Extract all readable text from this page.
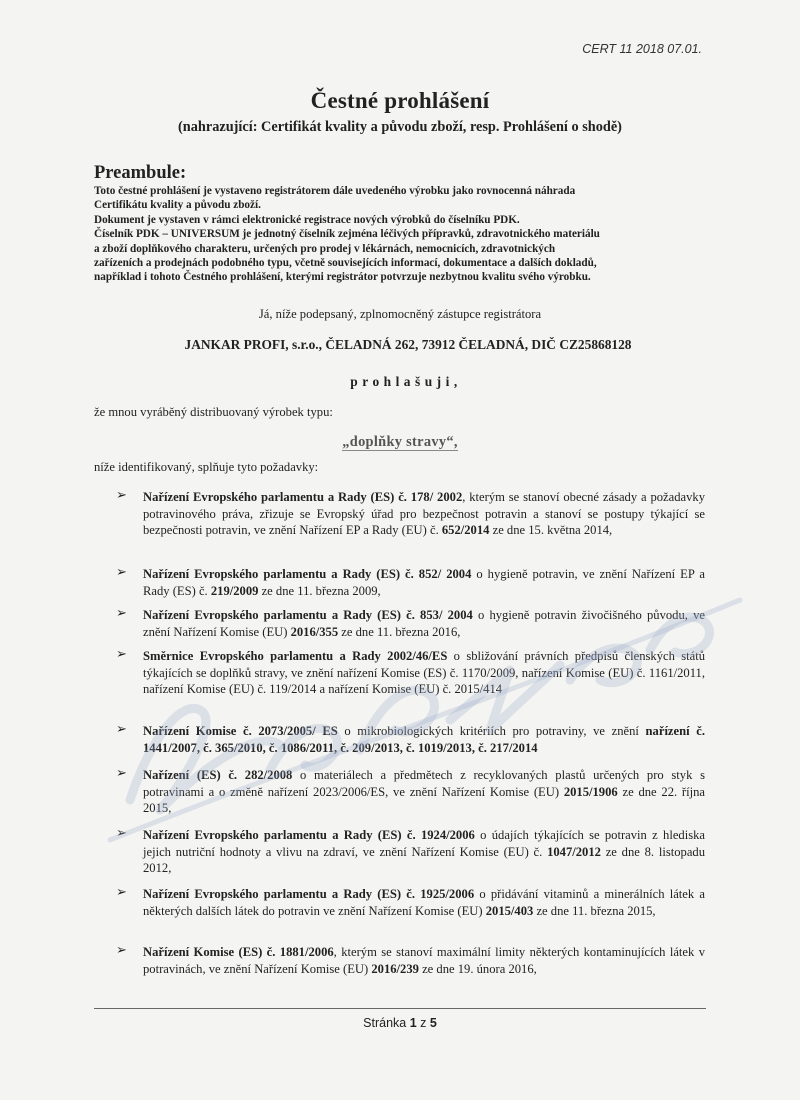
CERT 11 2018 07.01.
Čestné prohlášení
(nahrazující: Certifikát kvality a původu zboží, resp. Prohlášení o shodě)
Preambule:
Toto čestné prohlášení je vystaveno registrátorem dále uvedeného výrobku jako rovnocenná náhrada
Certifikátu kvality a původu zboží.
Dokument je vystaven v rámci elektronické registrace nových výrobků do číselníku PDK.
Číselník PDK – UNIVERSUM je jednotný číselník zejména léčivých přípravků, zdravotnického materiálu
a zboží doplňkového charakteru, určených pro prodej v lékárnách, nemocnicích, zdravotnických
zařízeních a prodejnách podobného typu, včetně souvisejících informací, dokumentace a dalších dokladů,
například i tohoto Čestného prohlášení, kterými registrátor potvrzuje nezbytnou kvalitu svého výrobku.
Já, níže podepsaný, zplnomocněný zástupce registrátora
JANKAR PROFI, s.r.o., ČELADNÁ 262, 73912 ČELADNÁ, DIČ CZ25868128
prohlašuji,
že mnou vyráběný distribuovaný výrobek typu:
„doplňky stravy“,
níže identifikovaný, splňuje tyto požadavky:
➢ Nařízení Evropského parlamentu a Rady (ES) č. 178/ 2002, kterým se stanoví obecné zásady a požadavky potravinového práva, zřizuje se Evropský úřad pro bezpečnost potravin a stanoví se postupy týkající se bezpečnosti potravin, ve znění Nařízení EP a Rady (EU) č. 652/2014 ze dne 15. května 2014,
➢ Nařízení Evropského parlamentu a Rady (ES) č. 852/ 2004 o hygieně potravin, ve znění Nařízení EP a Rady (ES) č. 219/2009 ze dne 11. března 2009,
➢ Nařízení Evropského parlamentu a Rady (ES) č. 853/ 2004 o hygieně potravin živočišného původu, ve znění Nařízení Komise (EU) 2016/355 ze dne 11. března 2016,
➢ Směrnice Evropského parlamentu a Rady 2002/46/ES o sbližování právních předpisů členských států týkajících se doplňků stravy, ve znění nařízení Komise (ES) č. 1170/2009, nařízení Komise (EU) č. 1161/2011, nařízení Komise (EU) č. 119/2014 a nařízení Komise (EU) č. 2015/414
➢ Nařízení Komise č. 2073/2005/ ES o mikrobiologických kritériích pro potraviny, ve znění nařízení č. 1441/2007, č. 365/2010, č. 1086/2011, č. 209/2013, č. 1019/2013, č. 217/2014
➢ Nařízení (ES) č. 282/2008 o materiálech a předmětech z recyklovaných plastů určených pro styk s potravinami a o změně nařízení 2023/2006/ES, ve znění Nařízení Komise (EU) 2015/1906 ze dne 22. října 2015,
➢ Nařízení Evropského parlamentu a Rady (ES) č. 1924/2006 o údajích týkajících se potravin z hlediska jejich nutriční hodnoty a vlivu na zdraví, ve znění Nařízení Komise (EU) č. 1047/2012 ze dne 8. listopadu 2012,
➢ Nařízení Evropského parlamentu a Rady (ES) č. 1925/2006 o přidávání vitaminů a minerálních látek a některých dalších látek do potravin ve znění Nařízení Komise (EU) 2015/403 ze dne 11. března 2015,
➢ Nařízení Komise (ES) č. 1881/2006, kterým se stanoví maximální limity některých kontaminujících látek v potravinách, ve znění Nařízení Komise (EU) 2016/239 ze dne 19. února 2016,
Stránka 1 z 5
